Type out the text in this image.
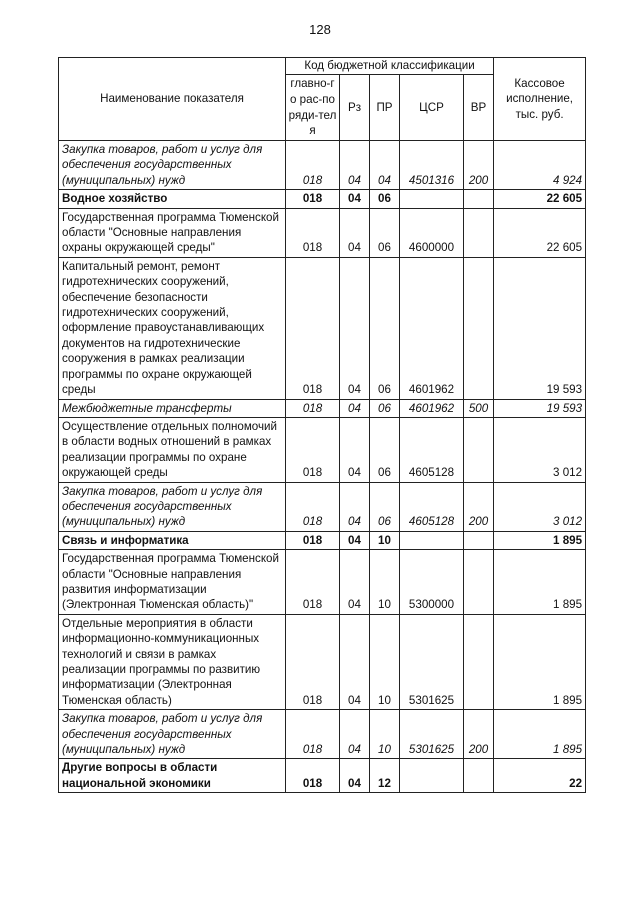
128
Наименование показателя	Код бюджетной классификации					Кассовое исполнение, тыс. руб.
	главно-го рас-поряди-теля	Рз	ПР	ЦСР	ВР	
Закупка товаров, работ и услуг для обеспечения государственных (муниципальных) нужд	018	04	04	4501316	200	4 924
Водное хозяйство	018	04	06			22 605
Государственная программа Тюменской области "Основные направления охраны окружающей среды"	018	04	06	4600000		22 605
Капитальный ремонт, ремонт гидротехнических сооружений, обеспечение безопасности гидротехнических сооружений, оформление правоустанавливающих документов на гидротехнические сооружения в рамках реализации программы по охране окружающей среды	018	04	06	4601962		19 593
Межбюджетные трансферты	018	04	06	4601962	500	19 593
Осуществление отдельных полномочий в области водных отношений в рамках реализации программы по охране окружающей среды	018	04	06	4605128		3 012
Закупка товаров, работ и услуг для обеспечения государственных (муниципальных) нужд	018	04	06	4605128	200	3 012
Связь и информатика	018	04	10			1 895
Государственная программа Тюменской области "Основные направления развития информатизации (Электронная Тюменская область)"	018	04	10	5300000		1 895
Отдельные мероприятия в области информационно-коммуникационных технологий и связи в рамках реализации программы по развитию информатизации (Электронная Тюменская область)	018	04	10	5301625		1 895
Закупка товаров, работ и услуг для обеспечения государственных (муниципальных) нужд	018	04	10	5301625	200	1 895
Другие вопросы в области национальной экономики	018	04	12			22
